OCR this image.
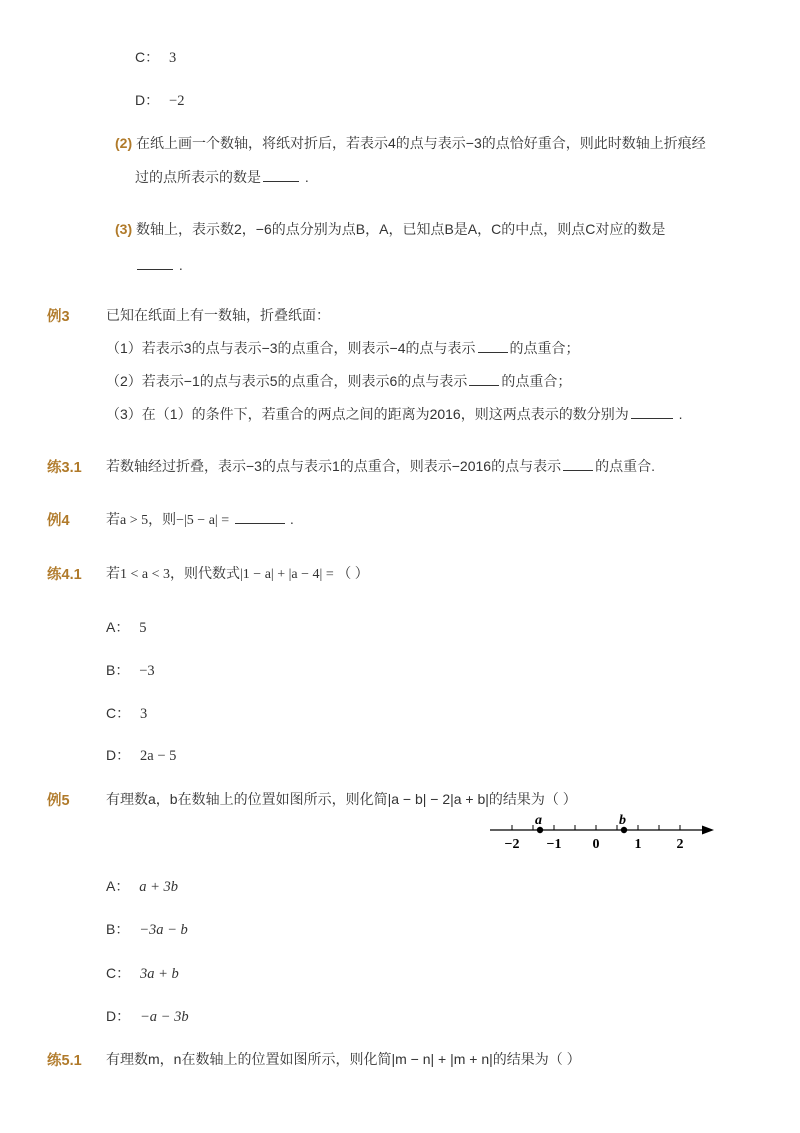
C： 3
D： −2
(2) 在纸上画一个数轴，将纸对折后，若表示4的点与表示−3的点恰好重合，则此时数轴上折痕经
过的点所表示的数是	.
(3) 数轴上，表示数2，−6的点分别为点B，A，已知点B是A，C的中点，则点C对应的数是
.
例3	已知在纸面上有一数轴，折叠纸面：
（1）若表示3的点与表示−3的点重合，则表示−4的点与表示 的点重合；
（2）若表示−1的点与表示5的点重合，则表示6的点与表示 的点重合；
（3）在（1）的条件下，若重合的两点之间的距离为2016，则这两点表示的数分别为	.
练3.1 若数轴经过折叠，表示−3的点与表示1的点重合，则表示−2016的点与表示 的点重合.
例4	若a > 5，则−|5 − a| =	.
练4.1 若1 < a < 3，则代数式|1 − a| + |a − 4| = （ ）
A： 5
B： −3
C： 3
D： 2a − 5
例5	有理数a，b在数轴上的位置如图所示，则化简|a − b| − 2|a + b|的结果为（ ）
−2 −1 0	1	2
a	b
A： a + 3b
B： −3a − b
C： 3a + b
D： −a − 3b
练5.1 有理数m，n在数轴上的位置如图所示，则化简|m − n| + |m + n|的结果为（ ）
